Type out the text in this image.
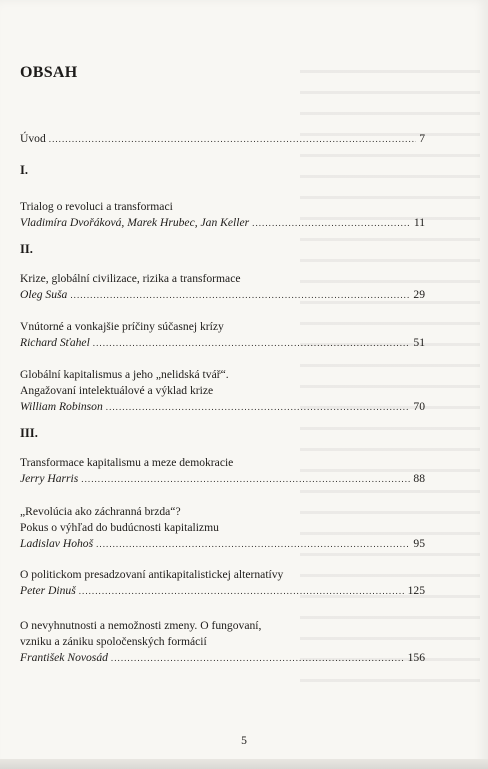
OBSAH
Úvod . . .	7
I.
Trialog o revoluci a transformaci
Vladimíra Dvořáková, Marek Hrubec, Jan Keller . . .	11
II.
Krize, globální civilizace, rizika a transformace
Oleg Suša . . .	29
Vnútorné a vonkajšie príčiny súčasnej krízy
Richard Sťahel . . .	51
Globální kapitalismus a jeho „nelidská tvář“.
Angažovaní intelektuálové a výklad krize
William Robinson . . .	70
III.
Transformace kapitalismu a meze demokracie
Jerry Harris . . .	88
„Revolúcia ako záchranná brzda“?
Pokus o výhľad do budúcnosti kapitalizmu
Ladislav Hohoš . . .	95
O politickom presadzovaní antikapitalistickej alternatívy
Peter Dinuš . . .	125
O nevyhnutnosti a nemožnosti zmeny. O fungovaní,
vzniku a zániku spoločenských formácií
František Novosád . . .	156
5
